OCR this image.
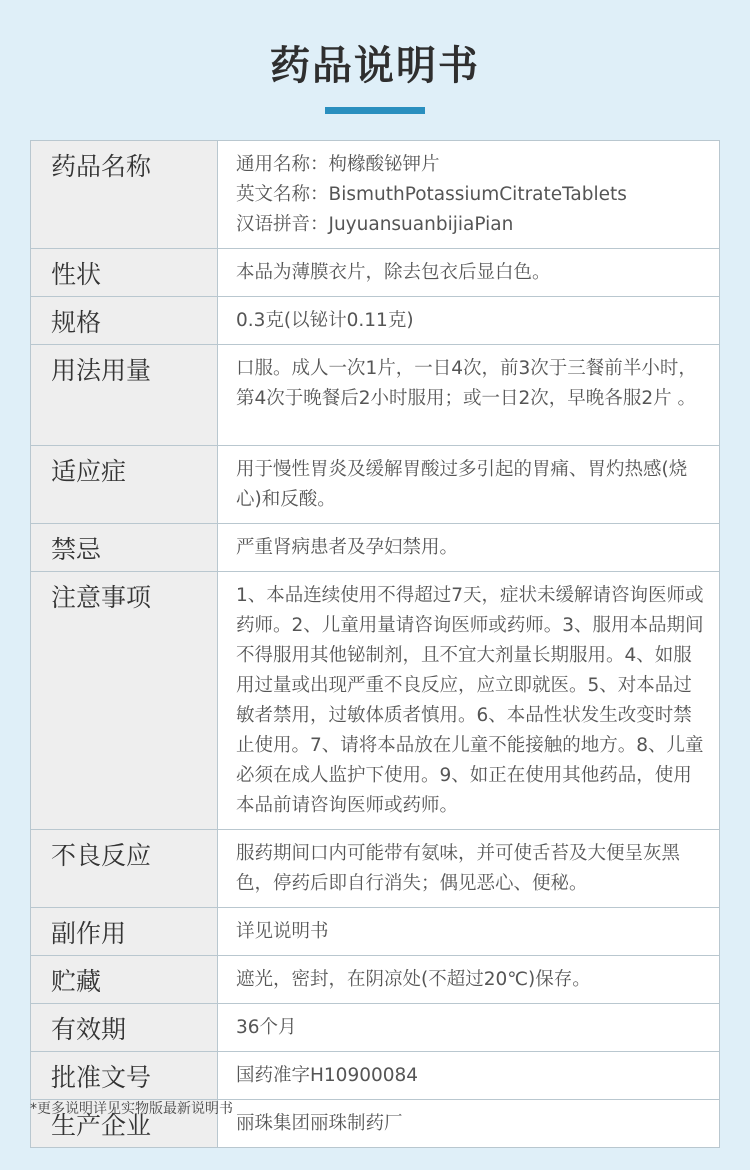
药品说明书
药品名称	通用名称：枸橼酸铋钾片
英文名称：BismuthPotassiumCitrateTablets
汉语拼音：JuyuansuanbijiaPian

性状	本品为薄膜衣片，除去包衣后显白色。
规格	0.3克(以铋计0.11克)
用法用量	口服。成人一次1片，一日4次，前3次于三餐前半小时，第4次于晚餐后2小时服用；或一日2次，早晚各服2片 。
适应症	用于慢性胃炎及缓解胃酸过多引起的胃痛、胃灼热感(烧心)和反酸。
禁忌	严重肾病患者及孕妇禁用。
注意事项	1、本品连续使用不得超过7天，症状未缓解请咨询医师或药师。2、儿童用量请咨询医师或药师。3、服用本品期间不得服用其他铋制剂，且不宜大剂量长期服用。4、如服用过量或出现严重不良反应，应立即就医。5、对本品过敏者禁用，过敏体质者慎用。6、本品性状发生改变时禁止使用。7、请将本品放在儿童不能接触的地方。8、儿童必须在成人监护下使用。9、如正在使用其他药品，使用本品前请咨询医师或药师。
不良反应	服药期间口内可能带有氨味，并可使舌苔及大便呈灰黑色，停药后即自行消失；偶见恶心、便秘。
副作用	详见说明书
贮藏	遮光，密封，在阴凉处(不超过20℃)保存。
有效期	36个月
批准文号	国药准字H10900084
生产企业	丽珠集团丽珠制药厂
*更多说明详见实物版最新说明书
